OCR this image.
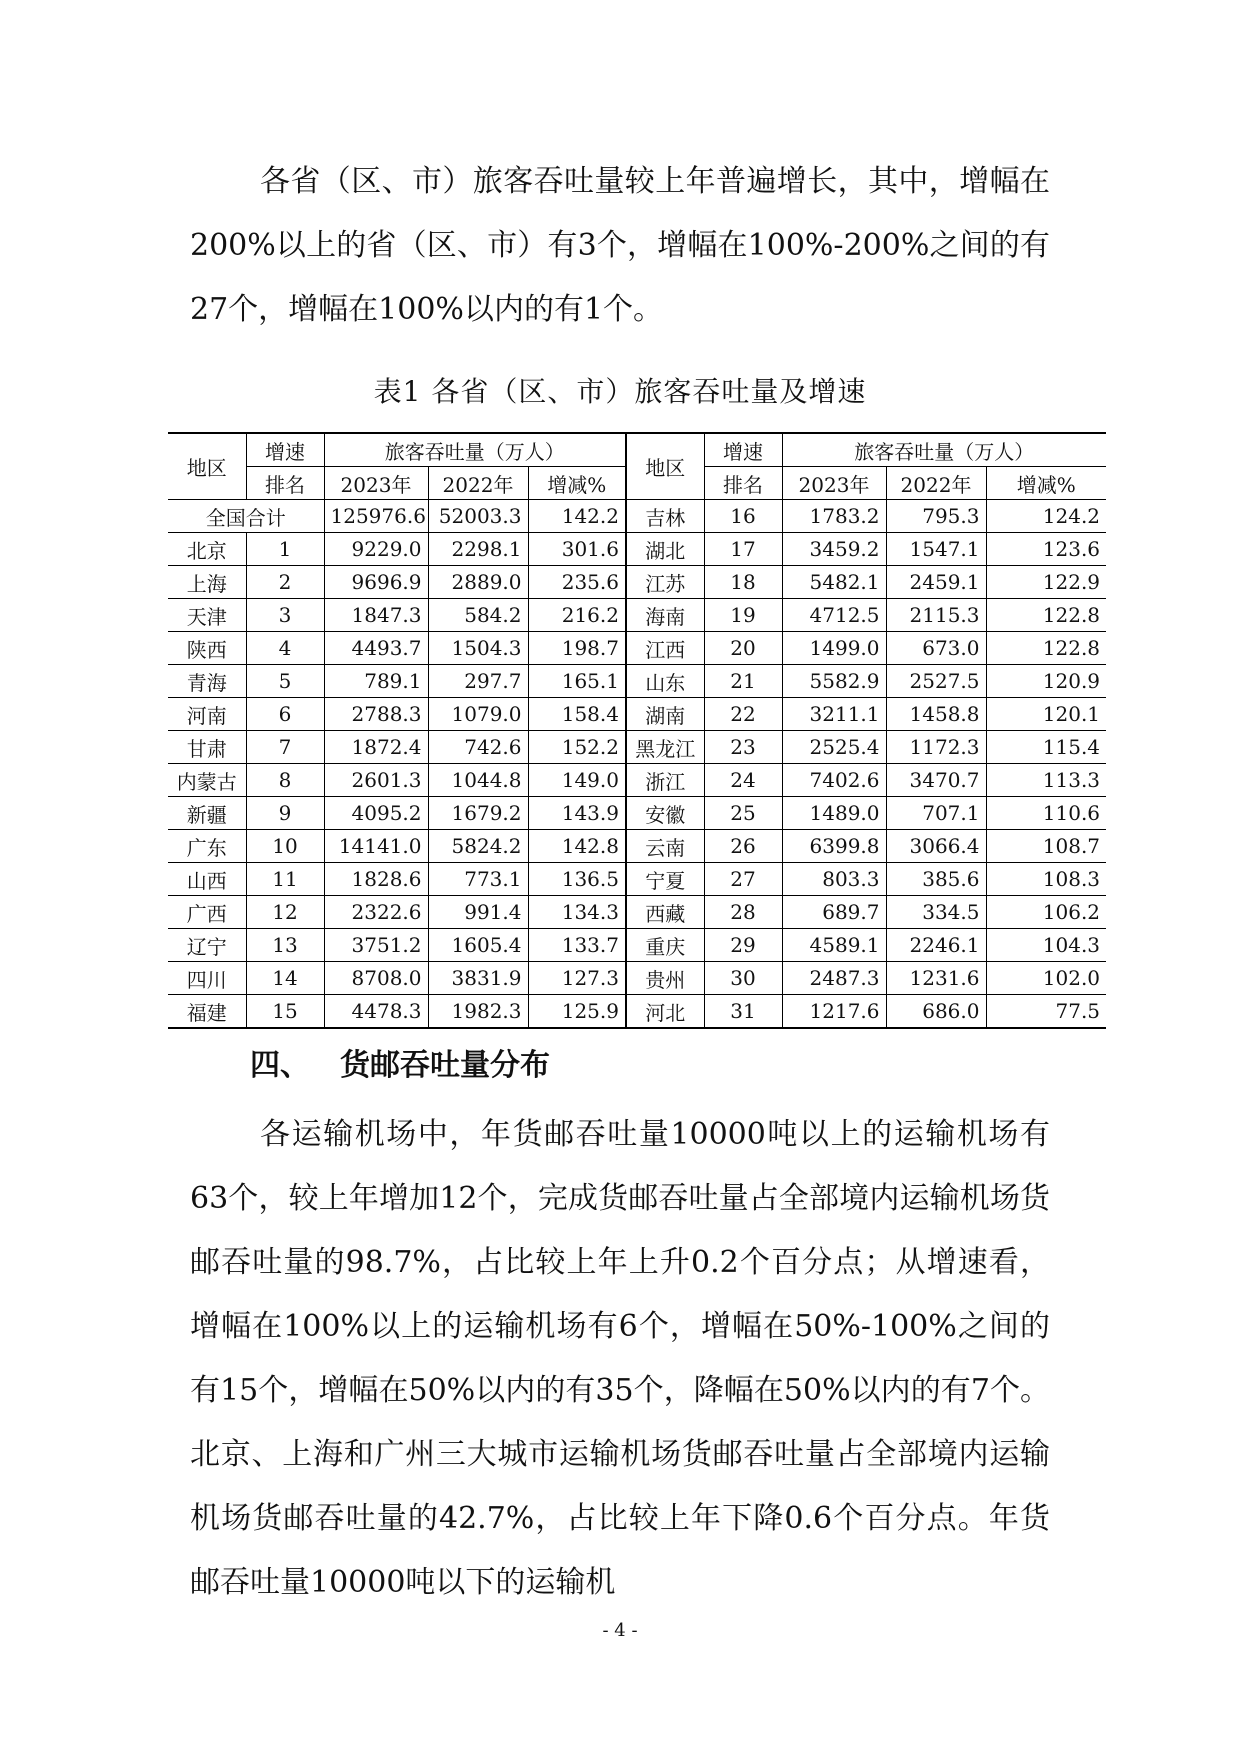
各省（区、市）旅客吞吐量较上年普遍增长，其中，增幅在200%以上的省（区、市）有3个，增幅在100%-200%之间的有27个，增幅在100%以内的有1个。

表1 各省（区、市）旅客吞吐量及增速
地区	增速	旅客吞吐量（万人）			地区	增速	旅客吞吐量（万人）		
	排名	2023年	2022年	增减%		排名	2023年	2022年	增减%
全国合计		125976.6	52003.3	142.2	吉林	16	1783.2	795.3	124.2
北京	1	9229.0	2298.1	301.6	湖北	17	3459.2	1547.1	123.6
上海	2	9696.9	2889.0	235.6	江苏	18	5482.1	2459.1	122.9
天津	3	1847.3	584.2	216.2	海南	19	4712.5	2115.3	122.8
陕西	4	4493.7	1504.3	198.7	江西	20	1499.0	673.0	122.8
青海	5	789.1	297.7	165.1	山东	21	5582.9	2527.5	120.9
河南	6	2788.3	1079.0	158.4	湖南	22	3211.1	1458.8	120.1
甘肃	7	1872.4	742.6	152.2	黑龙江	23	2525.4	1172.3	115.4
内蒙古	8	2601.3	1044.8	149.0	浙江	24	7402.6	3470.7	113.3
新疆	9	4095.2	1679.2	143.9	安徽	25	1489.0	707.1	110.6
广东	10	14141.0	5824.2	142.8	云南	26	6399.8	3066.4	108.7
山西	11	1828.6	773.1	136.5	宁夏	27	803.3	385.6	108.3
广西	12	2322.6	991.4	134.3	西藏	28	689.7	334.5	106.2
辽宁	13	3751.2	1605.4	133.7	重庆	29	4589.1	2246.1	104.3
四川	14	8708.0	3831.9	127.3	贵州	30	2487.3	1231.6	102.0
福建	15	4478.3	1982.3	125.9	河北	31	1217.6	686.0	77.5
四、 货邮吞吐量分布

各运输机场中，年货邮吞吐量10000吨以上的运输机场有63个，较上年增加12个，完成货邮吞吐量占全部境内运输机场货邮吞吐量的98.7%，占比较上年上升0.2个百分点；从增速看，增幅在100%以上的运输机场有6个，增幅在50%-100%之间的有15个，增幅在50%以内的有35个，降幅在50%以内的有7个。北京、上海和广州三大城市运输机场货邮吞吐量占全部境内运输机场货邮吞吐量的42.7%，占比较上年下降0.6个百分点。年货邮吞吐量10000吨以下的运输机

- 4 -
